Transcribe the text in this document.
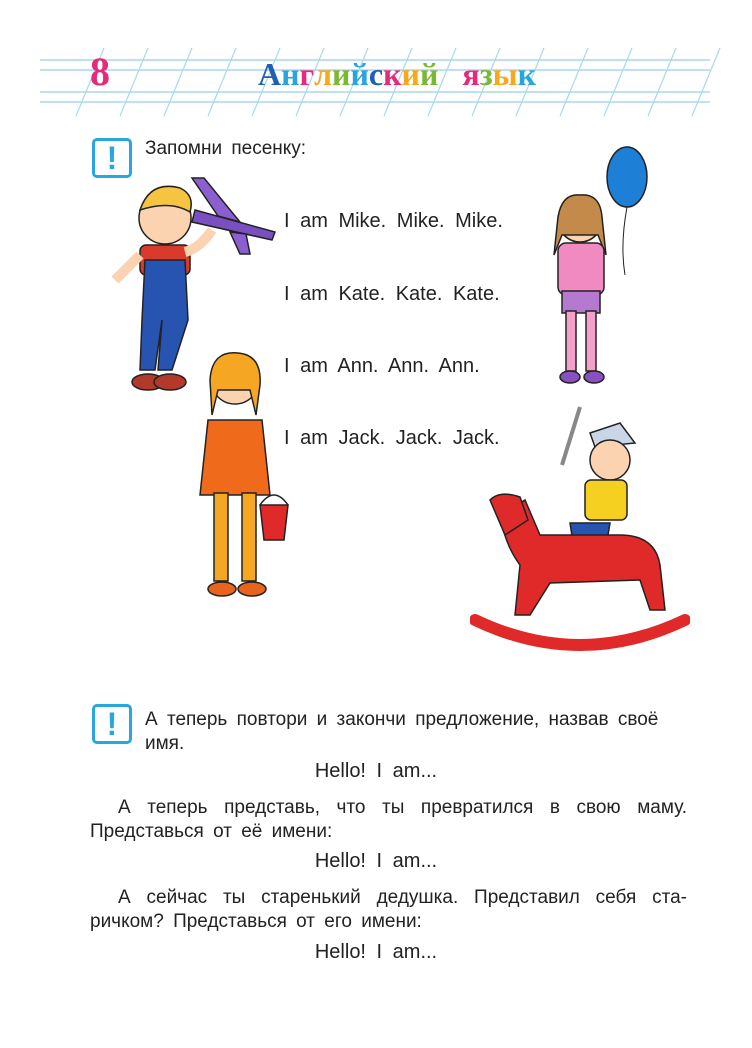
8	Английский язык
! Запомни песенку:
I am Mike. Mike. Mike.
I am Kate. Kate. Kate.
I am Ann. Ann. Ann.
I am Jack. Jack. Jack.
! А теперь повтори и закончи предложение, назвав своё
имя.
Hello! I am...
А теперь представь, что ты превратился в свою маму.
Представься от её имени:
Hello! I am...
А сейчас ты старенький дедушка. Представил себя ста-
ричком? Представься от его имени:
Hello! I am...
